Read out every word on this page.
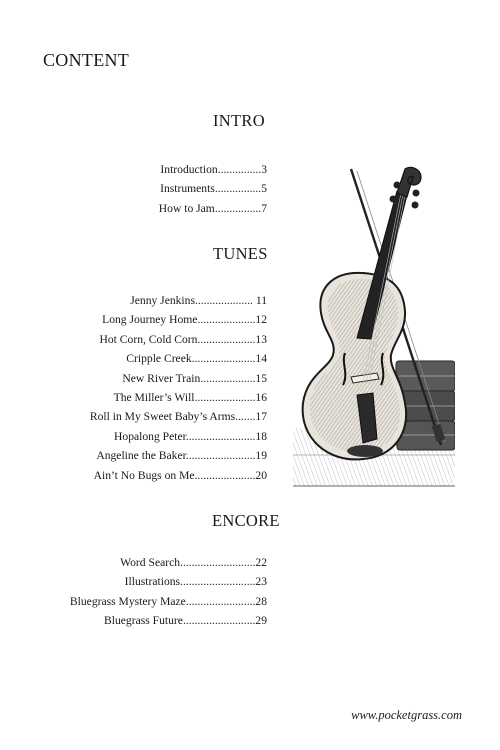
CONTENT
INTRO
Introduction...............3
Instruments................5
How to Jam................7
TUNES
Jenny Jenkins.................... 11
Long Journey Home....................12
Hot Corn, Cold Corn....................13
Cripple Creek......................14
New River Train...................15
The Miller’s Will.....................16
Roll in My Sweet Baby’s Arms.......17
Hopalong Peter........................18
Angeline the Baker........................19
Ain’t No Bugs on Me.....................20
ENCORE
Word Search..........................22
Illustrations..........................23
Bluegrass Mystery Maze........................28
Bluegrass Future.........................29
www.pocketgrass.com
